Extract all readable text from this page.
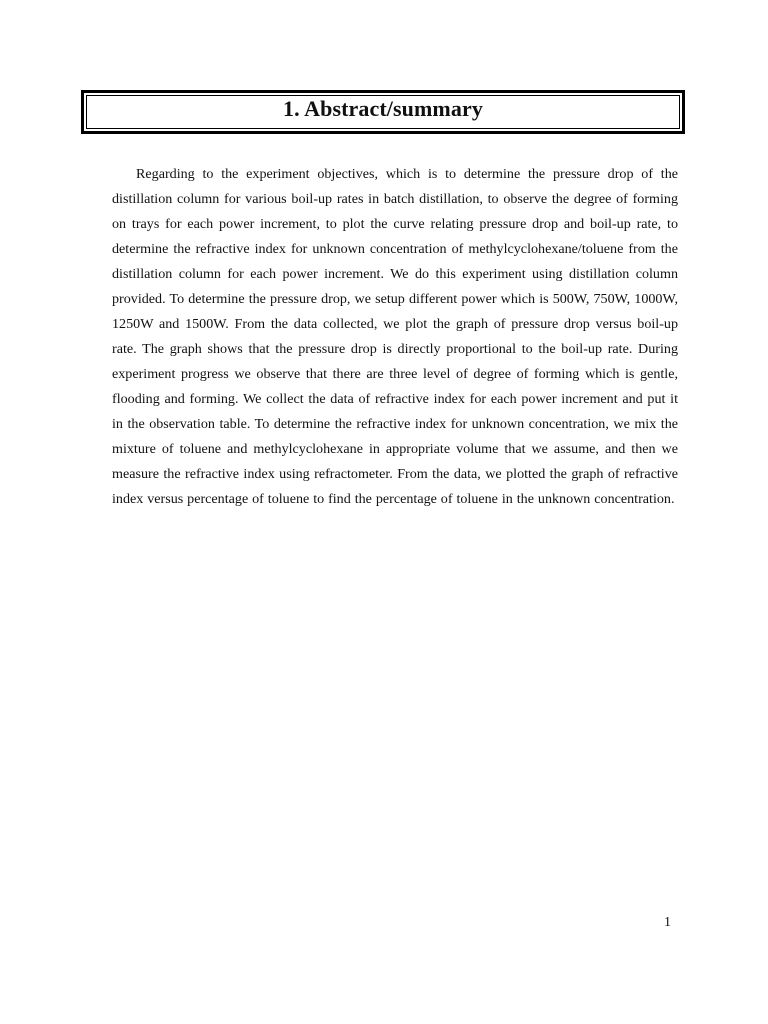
1. Abstract/summary

Regarding to the experiment objectives, which is to determine the pressure drop of the distillation column for various boil-up rates in batch distillation, to observe the degree of forming on trays for each power increment, to plot the curve relating pressure drop and boil-up rate, to determine the refractive index for unknown concentration of methylcyclohexane/toluene from the distillation column for each power increment. We do this experiment using distillation column provided. To determine the pressure drop, we setup different power which is 500W, 750W, 1000W, 1250W and 1500W. From the data collected, we plot the graph of pressure drop versus boil-up rate. The graph shows that the pressure drop is directly proportional to the boil-up rate. During experiment progress we observe that there are three level of degree of forming which is gentle, flooding and forming. We collect the data of refractive index for each power increment and put it in the observation table. To determine the refractive index for unknown concentration, we mix the mixture of toluene and methylcyclohexane in appropriate volume that we assume, and then we measure the refractive index using refractometer. From the data, we plotted the graph of refractive index versus percentage of toluene to find the percentage of toluene in the unknown concentration.

1
